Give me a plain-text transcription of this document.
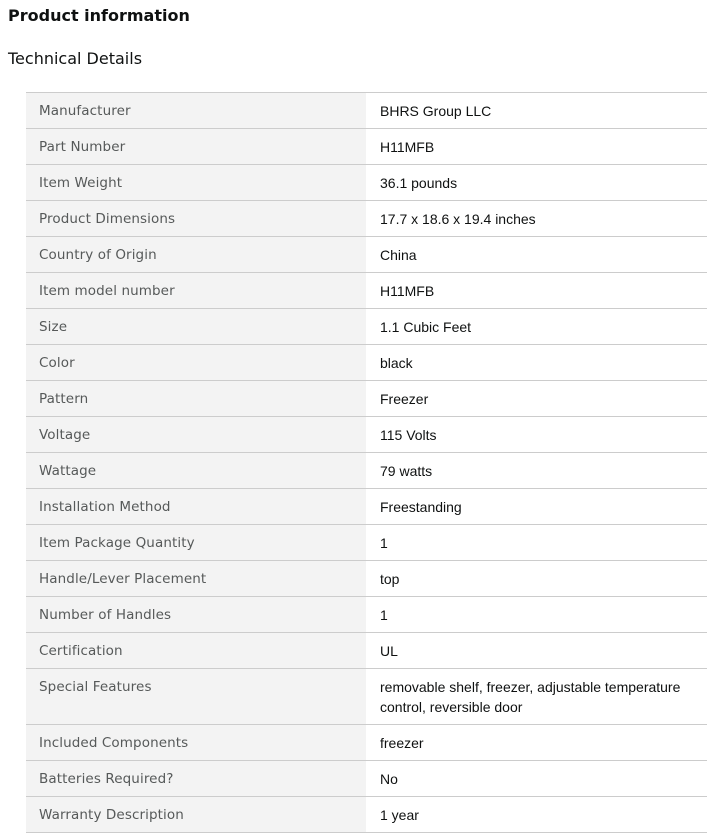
Product information
Technical Details
Manufacturer	BHRS Group LLC
Part Number	H11MFB
Item Weight	36.1 pounds
Product Dimensions	17.7 x 18.6 x 19.4 inches
Country of Origin	China
Item model number	H11MFB
Size	1.1 Cubic Feet
Color	black
Pattern	Freezer
Voltage	115 Volts
Wattage	79 watts
Installation Method	Freestanding
Item Package Quantity	1
Handle/Lever Placement	top
Number of Handles	1
Certification	UL
Special Features	removable shelf, freezer, adjustable temperature control, reversible door
Included Components	freezer
Batteries Required?	No
Warranty Description	1 year
